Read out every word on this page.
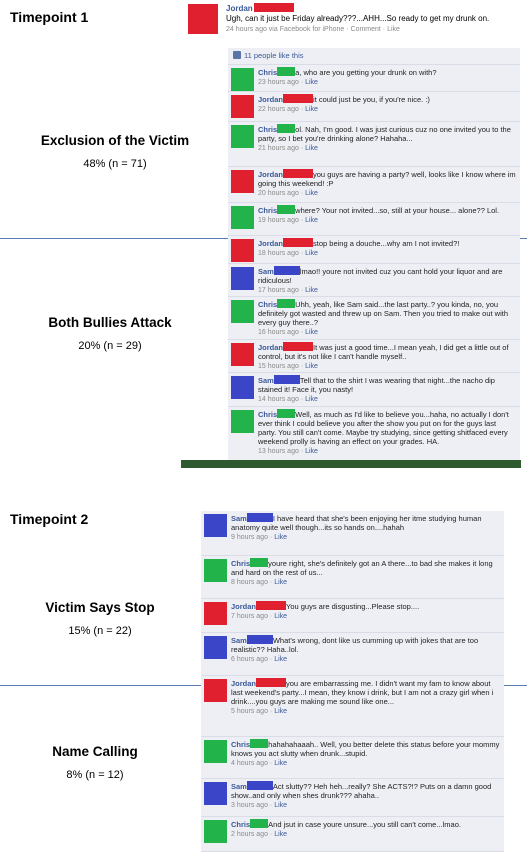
Timepoint 1
Exclusion of the Victim
48% (n = 71)
Both Bullies Attack
20% (n = 29)
Timepoint 2
Victim Says Stop
15% (n = 22)
Name Calling
8% (n = 12)
Jordan
Ugh, can it just be Friday already???...AHH...So ready to get my drunk on.
24 hours ago via Facebook for iPhone · Comment · Like
11 people like this
Chris a, who are you getting your drunk on with?
23 hours ago · Like
Jordan	it could just be you, if you're nice. :)
22 hours ago · Like
Chris ol. Nah, I'm good. I was just curious cuz no one invited you to the party, so I bet you're drinking alone? Hahaha...
21 hours ago · Like
Jordan	you guys are having a party? well, looks like I know where im going this weekend! :P
20 hours ago · Like
Chris where? Your not invited...so, still at your house... alone?? Lol.
19 hours ago · Like
Jordan	stop being a douche...why am I not invited?!
18 hours ago · Like
Sam	lmao!! youre not invited cuz you cant hold your liquor and are ridiculous!
17 hours ago · Like
Chris Uhh, yeah, like Sam said...the last party..? you kinda, no, you definitely got wasted and threw up on Sam. Then you tried to make out with every guy there..?
16 hours ago · Like
Jordan	It was just a good time...I mean yeah, I did get a little out of control, but it's not like I can't handle myself..
15 hours ago · Like
Sam	Tell that to the shirt I was wearing that night...the nacho dip stained it! Face it, you nasty!
14 hours ago · Like
Chris Well, as much as I'd like to believe you...haha, no actually I don't ever think I could believe you after the show you put on for the guys last party. You still can't come. Maybe try studying, since getting shitfaced every weekend prolly is having an effect on your grades. HA.
13 hours ago · Like
Sam	I have heard that she's been enjoying her itme studying human anatomy quite well though...its so hands on....hahah
9 hours ago · Like
Chris youre right, she's definitely got an A there...to bad she makes it long and hard on the rest of us...
8 hours ago · Like
Jordan	You guys are disgusting...Please stop....
7 hours ago · Like
Sam	What's wrong, dont like us cumming up with jokes that are too realistic?? Haha..lol.
6 hours ago · Like
Jordan	you are embarrassing me. I didn't want my fam to know about last weekend's party...I mean, they know i drink, but I am not a crazy girl when i drink....you guys are making me sound like one...
5 hours ago · Like
Chris hahahahaaah.. Well, you better delete this status before your mommy knows you act slutty when drunk...stupid.
4 hours ago · Like
Sam	Act slutty?? Heh heh...really? She ACTS?!? Puts on a damn good show..and only when shes drunk??? ahaha..
3 hours ago · Like
Chris And jsut in case youre unsure...you still can't come...lmao.
2 hours ago · Like
